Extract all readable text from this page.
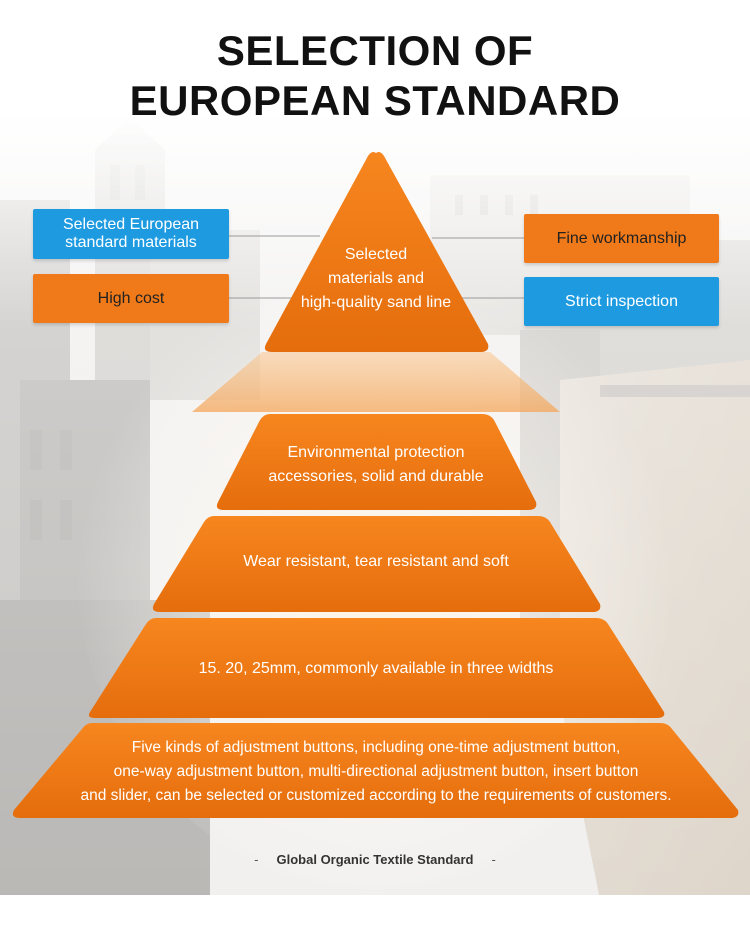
SELECTION OF
EUROPEAN STANDARD
Selected
materials and
high-quality sand line
Selected European
standard materials
High cost
Fine workmanship
Strict inspection
Environmental protection
accessories, solid and durable
Wear resistant, tear resistant and soft
15. 20, 25mm, commonly available in three widths
Five kinds of adjustment buttons, including one-time adjustment button,
one-way adjustment button, multi-directional adjustment button, insert button
and slider, can be selected or customized according to the requirements of customers.
- Global Organic Textile Standard -
